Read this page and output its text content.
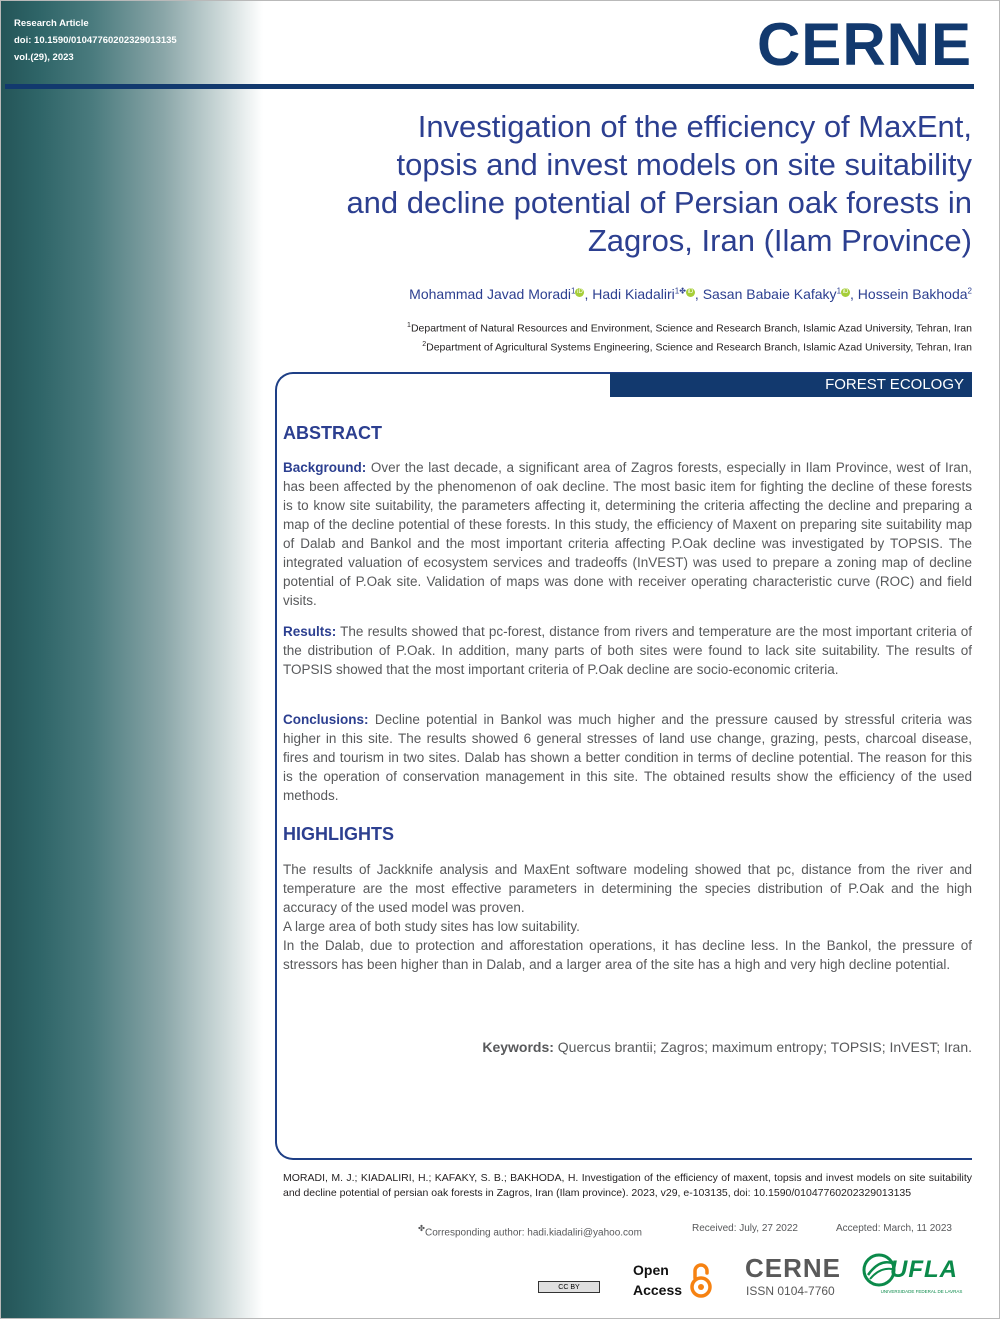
Research Article
doi: 10.1590/01047760202329013135
vol.(29), 2023	CERNE
Investigation of the efficiency of MaxEnt,
topsis and invest models on site suitability
and decline potential of Persian oak forests in
Zagros, Iran (Ilam Province)
Mohammad Javad Moradi$^1$ iD , Hadi Kiadaliri$^{1✤}$ iD , Sasan Babaie Kafaky$^1$ iD , Hossein Bakhoda$^2$
$^1$Department of Natural Resources and Environment, Science and Research Branch, Islamic Azad University, Tehran, Iran
$^2$Department of Agricultural Systems Engineering, Science and Research Branch, Islamic Azad University, Tehran, Iran
FOREST ECOLOGY
ABSTRACT
Background: Over the last decade, a significant area of Zagros forests, especially in Ilam Province, west of Iran, has been affected by the phenomenon of oak decline. The most basic item for fighting the decline of these forests is to know site suitability, the parameters affecting it, determining the criteria affecting the decline and preparing a map of the decline potential of these forests. In this study, the efficiency of Maxent on preparing site suitability map of Dalab and Bankol and the most important criteria affecting P.Oak decline was investigated by TOPSIS. The integrated valuation of ecosystem services and tradeoffs (InVEST) was used to prepare a zoning map of decline potential of P.Oak site. Validation of maps was done with receiver operating characteristic curve (ROC) and field visits.
Results: The results showed that pc-forest, distance from rivers and temperature are the most important criteria of the distribution of P.Oak. In addition, many parts of both sites were found to lack site suitability. The results of TOPSIS showed that the most important criteria of P.Oak decline are socio-economic criteria.
Conclusions: Decline potential in Bankol was much higher and the pressure caused by stressful criteria was higher in this site. The results showed 6 general stresses of land use change, grazing, pests, charcoal disease, fires and tourism in two sites. Dalab has shown a better condition in terms of decline potential. The reason for this is the operation of conservation management in this site. The obtained results show the efficiency of the used methods.
HIGHLIGHTS
The results of Jackknife analysis and MaxEnt software modeling showed that pc, distance from the river and temperature are the most effective parameters in determining the species distribution of P.Oak and the high accuracy of the used model was proven.
A large area of both study sites has low suitability.
In the Dalab, due to protection and afforestation operations, it has decline less. In the Bankol, the pressure of stressors has been higher than in Dalab, and a larger area of the site has a high and very high decline potential.
Keywords: Quercus brantii; Zagros; maximum entropy; TOPSIS; InVEST; Iran.
MORADI, M. J.; KIADALIRI, H.; KAFAKY, S. B.; BAKHODA, H. Investigation of the efficiency of maxent, topsis and invest models on site suitability and decline potential of persian oak forests in Zagros, Iran (Ilam province). 2023, v29, e-103135, doi: 10.1590/01047760202329013135
✤Corresponding author: hadi.kiadaliri@yahoo.com	Received: July, 27 2022	Accepted: March, 11 2023
CC BY
Open
Access
CERNE
ISSN 0104-7760
UFLA
UNIVERSIDADE FEDERAL DE LAVRAS
